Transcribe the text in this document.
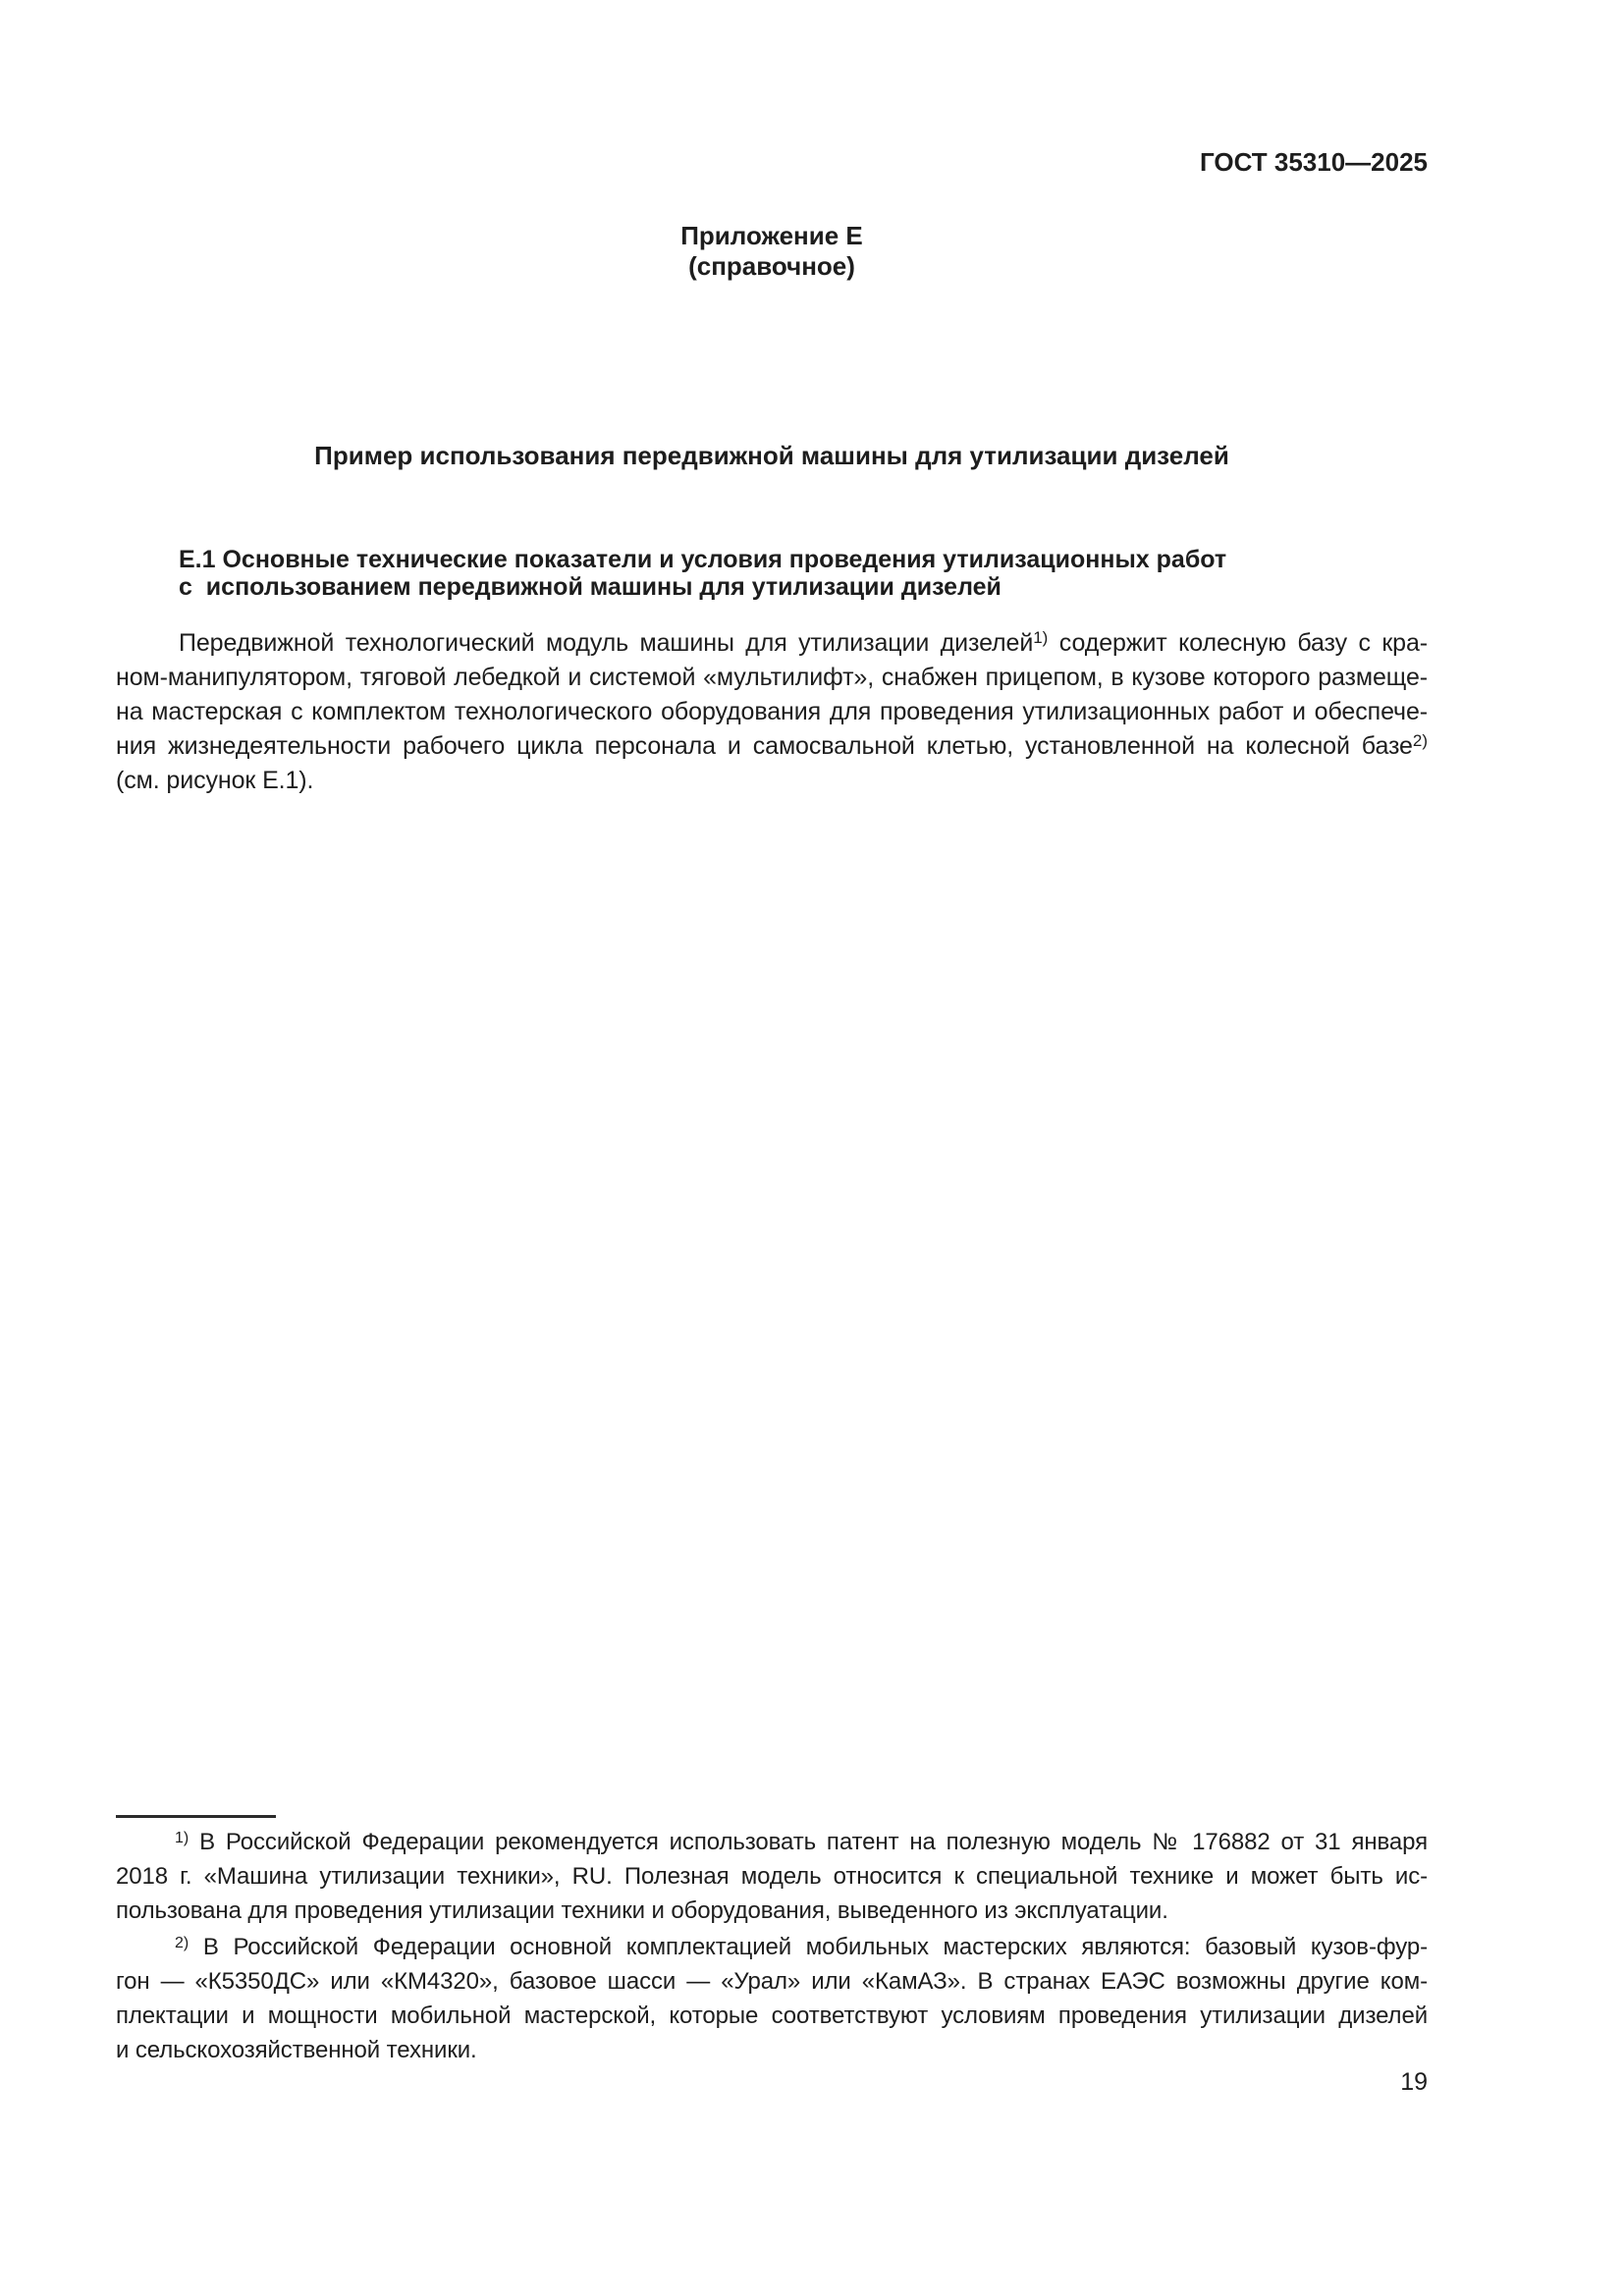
ГОСТ 35310—2025
Приложение Е
(справочное)
Пример использования передвижной машины для утилизации дизелей
Е.1 Основные технические показатели и условия проведения утилизационных работ
с  использованием передвижной машины для утилизации дизелей
Передвижной технологический модуль машины для утилизации дизелей$^{1)}$ содержит колесную базу с кра-
ном-манипулятором, тяговой лебедкой и системой «мультилифт», снабжен прицепом, в кузове которого размеще-
на мастерская с комплектом технологического оборудования для проведения утилизационных работ и обеспече-
ния жизнедеятельности рабочего цикла персонала и самосвальной клетью, установленной на колесной базе$^{2)}$
(см. рисунок Е.1).
$^{1)}$ В Российской Федерации рекомендуется использовать патент на полезную модель № 176882 от 31 января
2018 г. «Машина утилизации техники», RU. Полезная модель относится к специальной технике и может быть ис-
пользована для проведения утилизации техники и оборудования, выведенного из эксплуатации.
$^{2)}$ В Российской Федерации основной комплектацией мобильных мастерских являются: базовый кузов-фур-
гон — «К5350ДС» или «КМ4320», базовое шасси — «Урал» или «КамАЗ». В странах ЕАЭС возможны другие ком-
плектации и мощности мобильной мастерской, которые соответствуют условиям проведения утилизации дизелей
и сельскохозяйственной техники.
19
